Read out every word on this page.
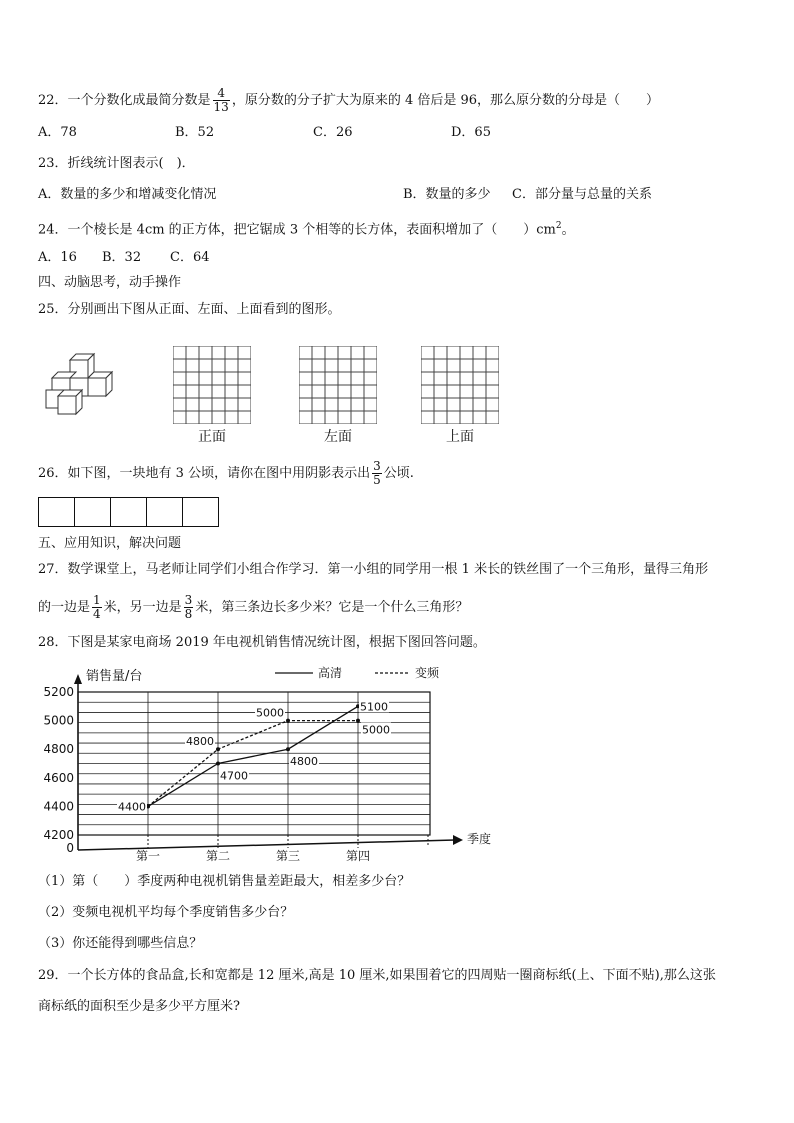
22．一个分数化成最简分数是 $\frac{4}{13}$ ，原分数的分子扩大为原来的 4 倍后是 96，那么原分数的分母是（　　）
A．78	B．52	C．26	D．65
23．折线统计图表示(　)．
A．数量的多少和增减变化情况	B．数量的多少 C．部分量与总量的关系
24．一个棱长是 4cm 的正方体，把它锯成 3 个相等的长方体，表面积增加了（　　）$cm^2$。
A．16 B．32 C．64
四、动脑思考，动手操作
25．分别画出下图从正面、左面、上面看到的图形。
正面	左面	上面
26．如下图，一块地有 3 公顷，请你在图中用阴影表示出 $\frac{3}{5}$ 公顷.
五、应用知识，解决问题
27．数学课堂上，马老师让同学们小组合作学习．第一小组的同学用一根 1 米长的铁丝围了一个三角形，量得三角形
的一边是 $\frac{1}{4}$ 米，另一边是 $\frac{3}{8}$ 米，第三条边长多少米？它是一个什么三角形？
28．下图是某家电商场 2019 年电视机销售情况统计图，根据下图回答问题。
5200
5000
4800
4600
4400
4200
0
销售量/台
季度
第一	第二	第三	第四
4400
4700
4800
5100
4800
5000
5000
高清	变频
（1）第（　　）季度两种电视机销售量差距最大，相差多少台？
（2）变频电视机平均每个季度销售多少台？
（3）你还能得到哪些信息？
29．一个长方体的食品盒,长和宽都是 12 厘米,高是 10 厘米,如果围着它的四周贴一圈商标纸(上、下面不贴),那么这张
商标纸的面积至少是多少平方厘米?
